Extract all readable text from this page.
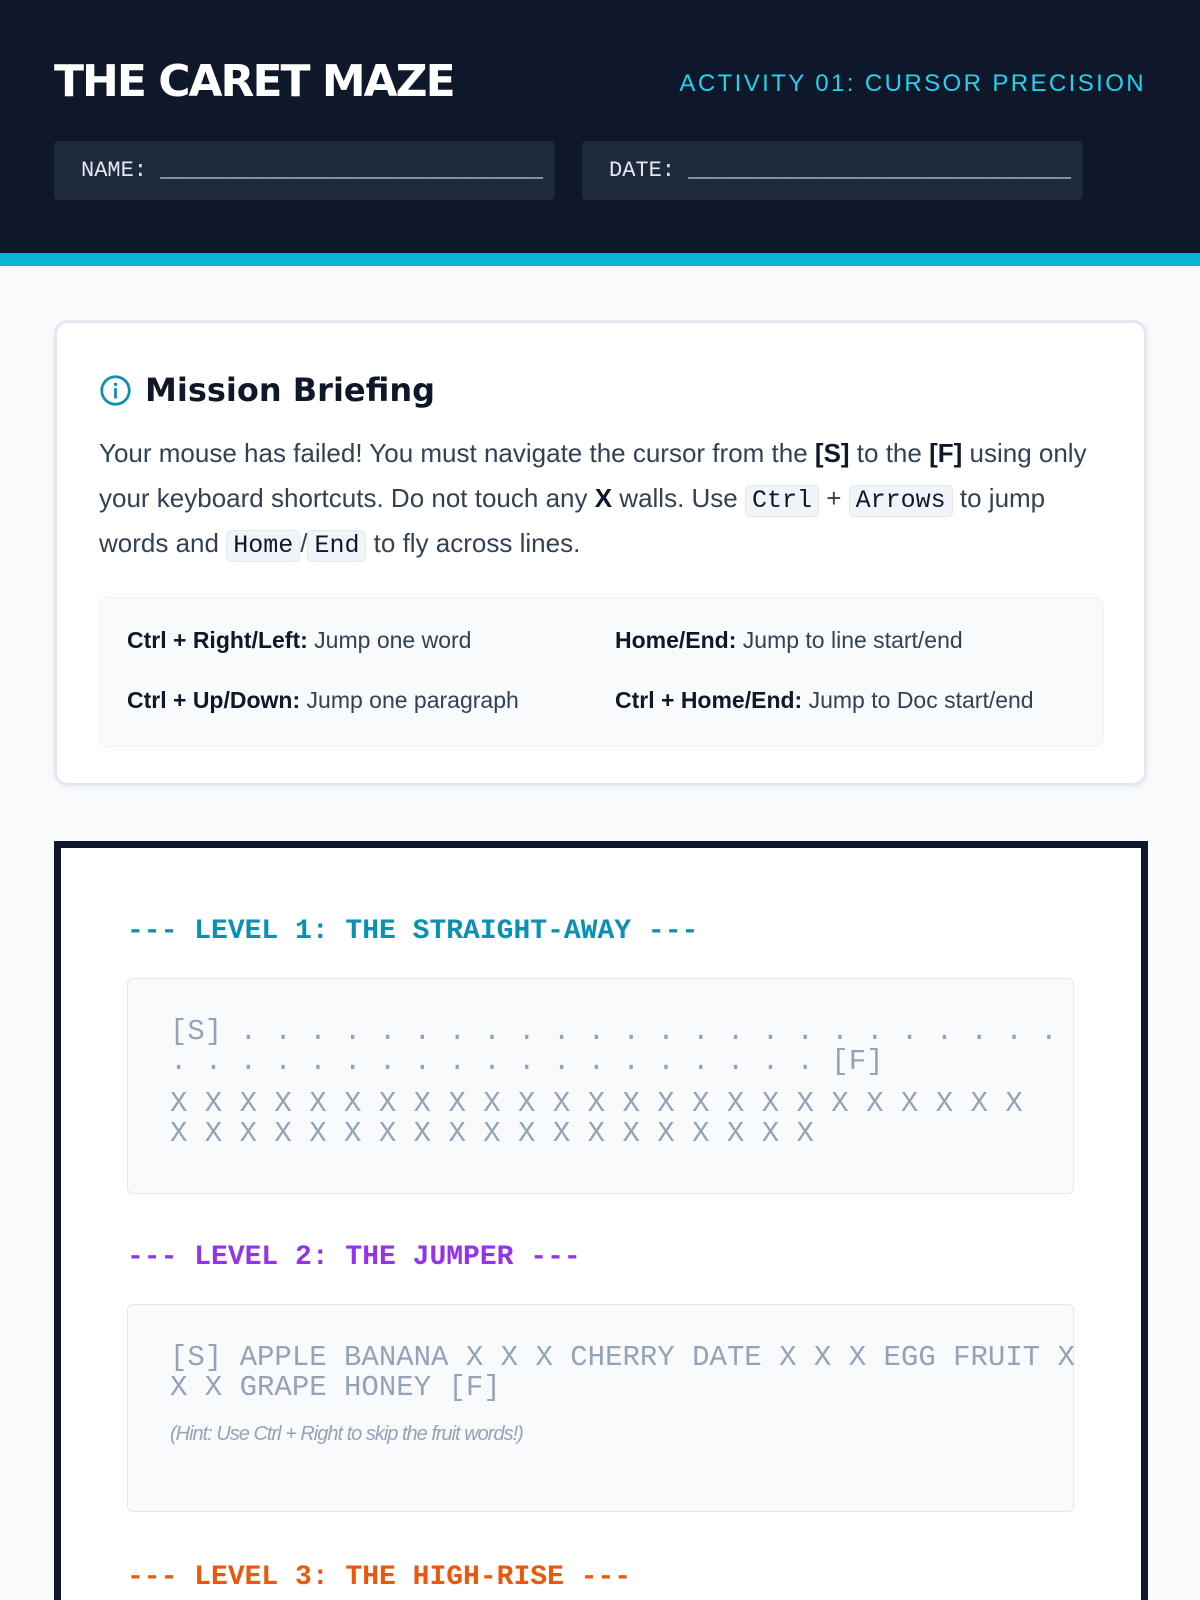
THE CARET MAZE	ACTIVITY 01: CURSOR PRECISION
NAME: _____________________________	DATE: _____________________________
Mission Briefing
Your mouse has failed! You must navigate the cursor from the [S] to the [F] using only your keyboard shortcuts. Do not touch any X walls. Use Ctrl + Arrows to jump words and Home / End to fly across lines.
Ctrl + Right/Left: Jump one word	Home/End: Jump to line start/end
Ctrl + Up/Down: Jump one paragraph	Ctrl + Home/End: Jump to Doc start/end
--- LEVEL 1: THE STRAIGHT-AWAY ---
[S] . . . . . . . . . . . . . . . . . . . . . . . .
. . . . . . . . . . . . . . . . . . . [F]
X X X X X X X X X X X X X X X X X X X X X X X X X
X X X X X X X X X X X X X X X X X X X
--- LEVEL 2: THE JUMPER ---
[S] APPLE BANANA X X X CHERRY DATE X X X EGG FRUIT X
X X GRAPE HONEY [F]
(Hint: Use Ctrl + Right to skip the fruit words!)
--- LEVEL 3: THE HIGH-RISE ---
